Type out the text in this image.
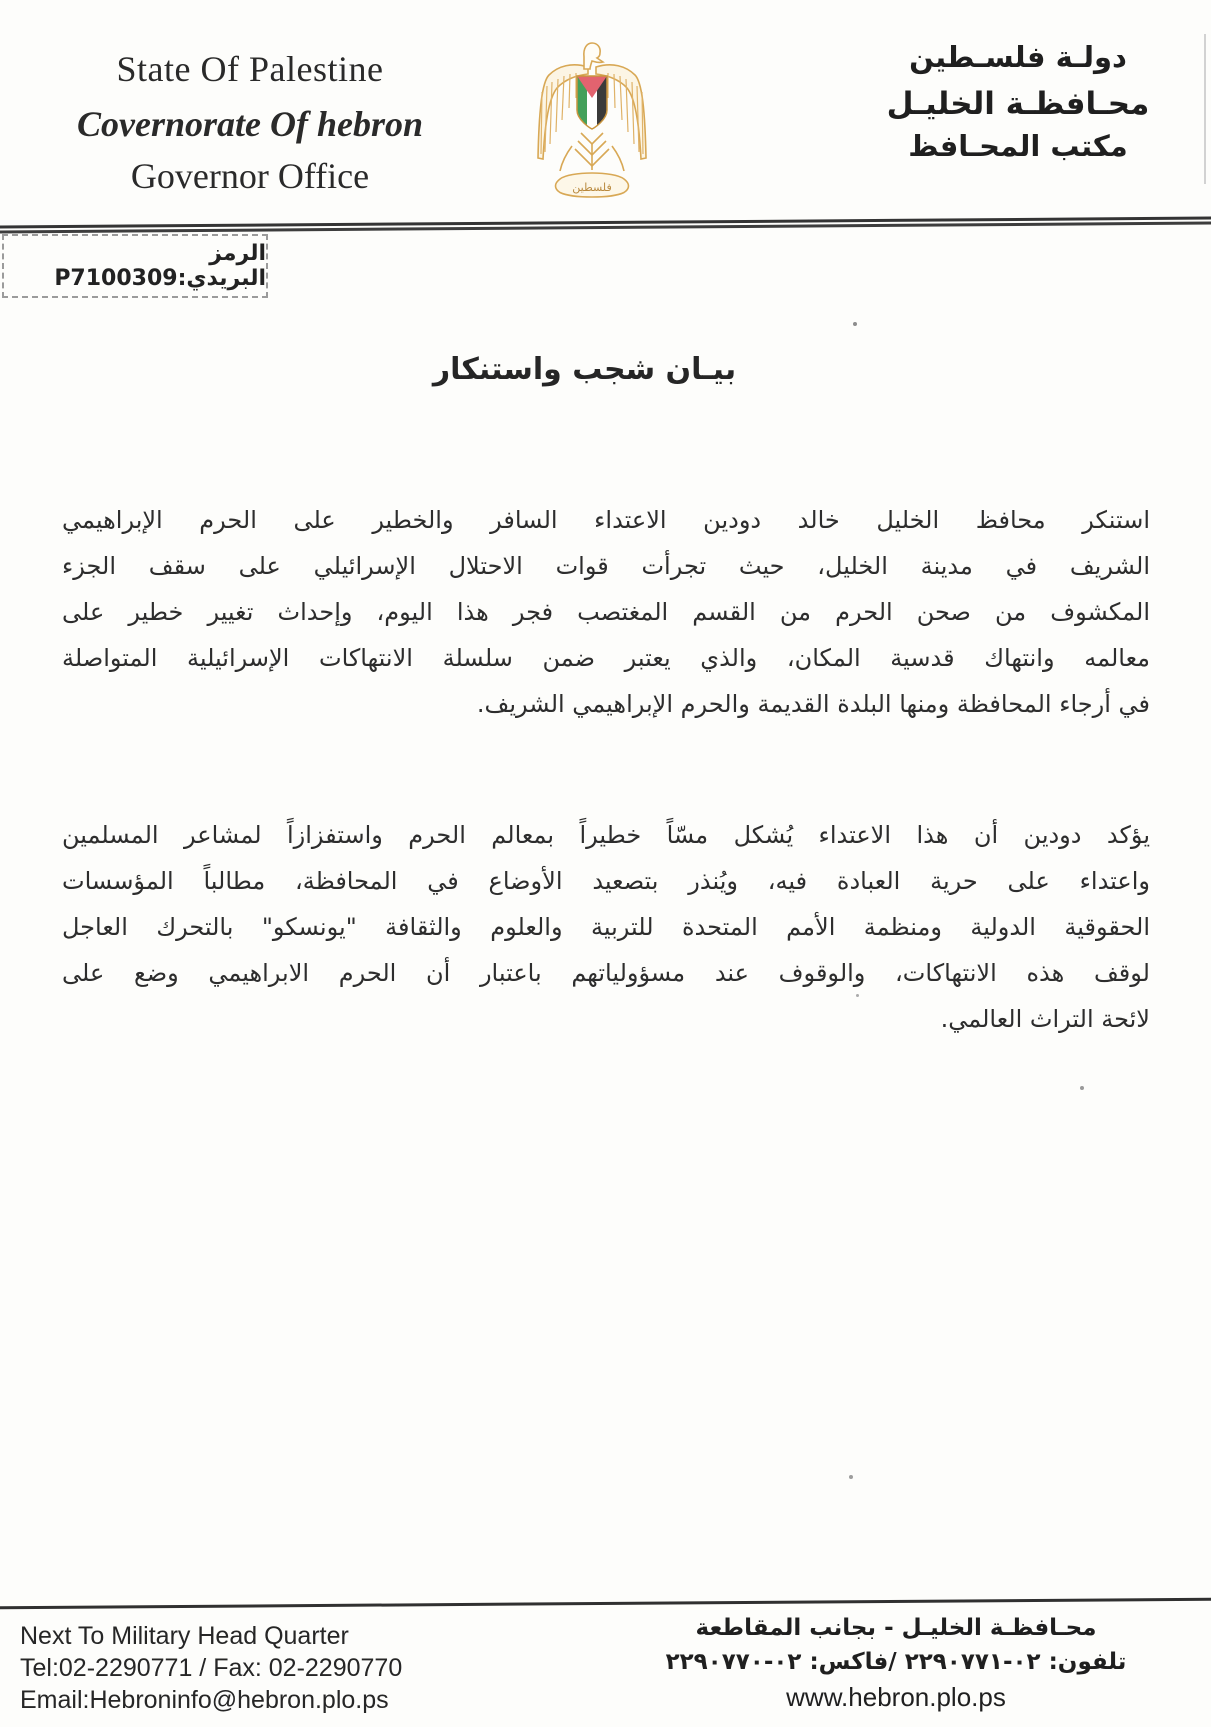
State Of Palestine
Covernorate Of hebron
Governor Office	فلسطين
دولـة فلسـطين
محـافظـة الخليـل
مكتب المحـافظ
الرمز البريدي:P7100309
بيـان شجب واستنكار
استنكر محافظ الخليل خالد دودين الاعتداء السافر والخطير على الحرم الإبراهيمي
الشريف في مدينة الخليل، حيث تجرأت قوات الاحتلال الإسرائيلي على سقف الجزء
المكشوف من صحن الحرم من القسم المغتصب فجر هذا اليوم، وإحداث تغيير خطير على
معالمه وانتهاك قدسية المكان، والذي يعتبر ضمن سلسلة الانتهاكات الإسرائيلية المتواصلة
في أرجاء المحافظة ومنها البلدة القديمة والحرم الإبراهيمي الشريف.
يؤكد دودين أن هذا الاعتداء يُشكل مسّاً خطيراً بمعالم الحرم واستفزازاً لمشاعر المسلمين
واعتداء على حرية العبادة فيه، ويُنذر بتصعيد الأوضاع في المحافظة، مطالباً المؤسسات
الحقوقية الدولية ومنظمة الأمم المتحدة للتربية والعلوم والثقافة "يونسكو" بالتحرك العاجل
لوقف هذه الانتهاكات، والوقوف عند مسؤولياتهم باعتبار أن الحرم الابراهيمي وضع على
لائحة التراث العالمي.
Next To Military Head Quarter
Tel:02-2290771 / Fax: 02-2290770
Email:Hebroninfo@hebron.plo.ps
محـافظـة الخليـل - بجانب المقاطعة
تلفون: ٠٢-٢٢٩٠٧٧١ /فاكس: ٠٢-٢٢٩٠٧٧٠
www.hebron.plo.ps
